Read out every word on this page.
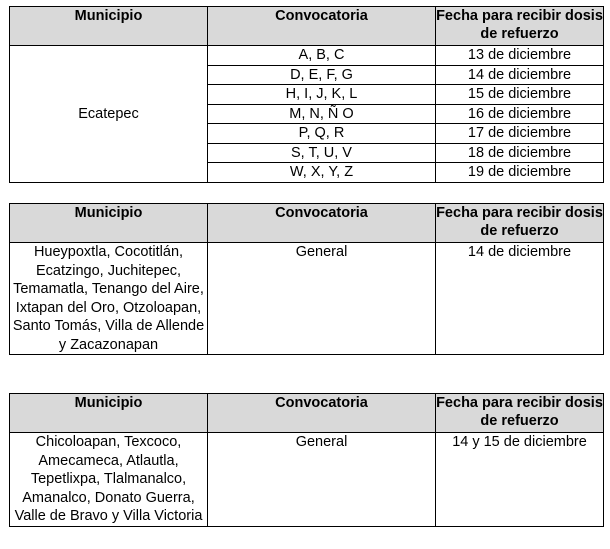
Municipio	Convocatoria	Fecha para recibir dosis de refuerzo
Ecatepec	A, B, C	13 de diciembre
	D, E, F, G	14 de diciembre
	H, I, J, K, L	15 de diciembre
	M, N, Ñ O	16 de diciembre
	P, Q, R	17 de diciembre
	S, T, U, V	18 de diciembre
	W, X, Y, Z	19 de diciembre
Municipio	Convocatoria	Fecha para recibir dosis de refuerzo

Hueypoxtla, Cocotitlán, Ecatzingo, Juchitepec, Temamatla, Tenango del Aire, Ixtapan del Oro, Otzoloapan, Santo Tomás, Villa de Allende y Zacazonapan	General	14 de diciembre
Municipio	Convocatoria	Fecha para recibir dosis de refuerzo

Chicoloapan, Texcoco, Amecameca, Atlautla, Tepetlixpa, Tlalmanalco, Amanalco, Donato Guerra, Valle de Bravo y Villa Victoria	General	14 y 15 de diciembre
